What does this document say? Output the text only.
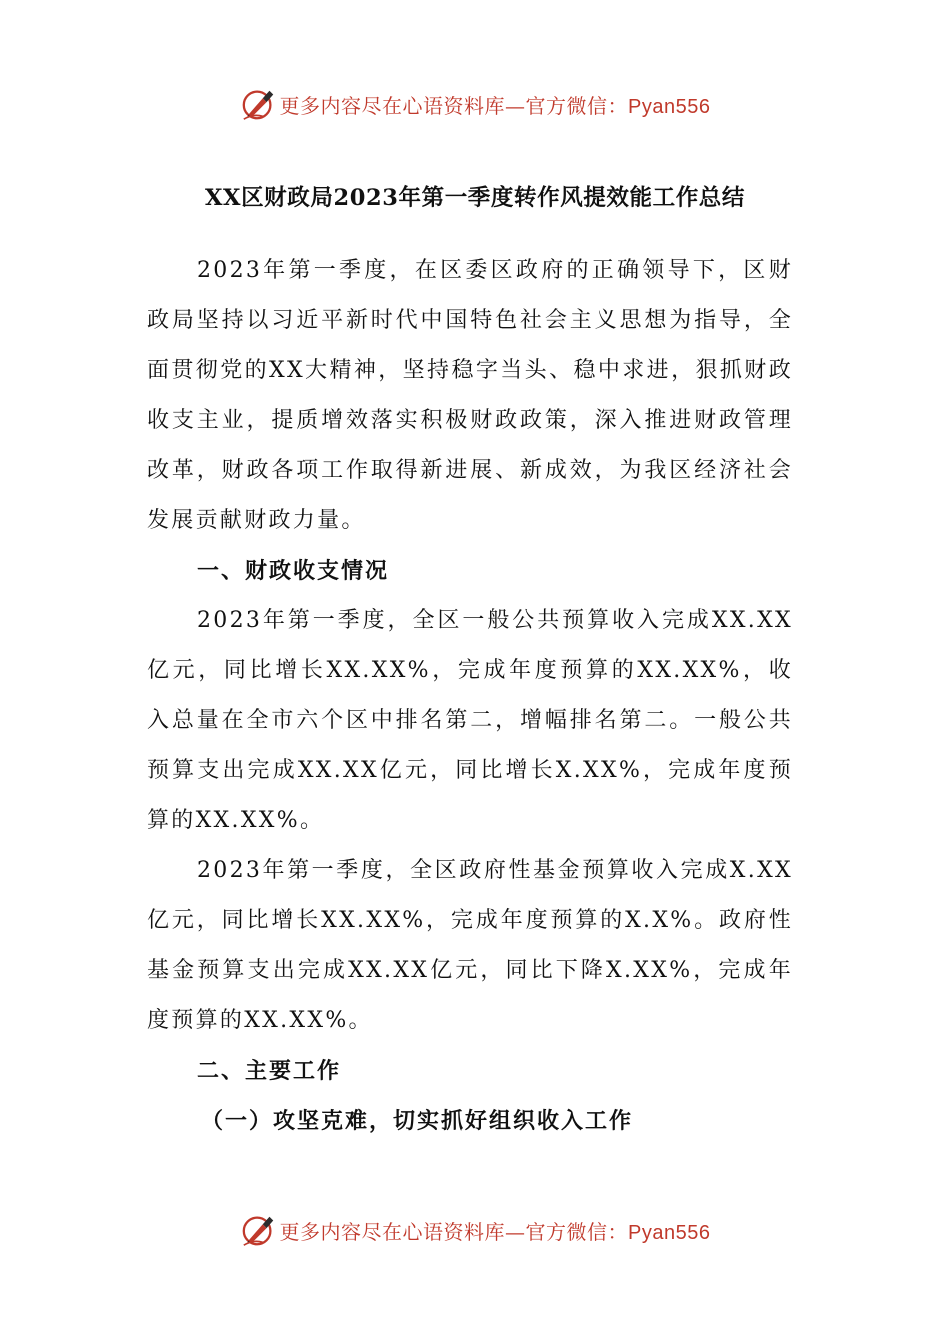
更多内容尽在心语资料库—官方微信：Pyan556
XX区财政局2023年第一季度转作风提效能工作总结

2023年第一季度，在区委区政府的正确领导下，区财政局坚持以习近平新时代中国特色社会主义思想为指导，全面贯彻党的XX大精神，坚持稳字当头、稳中求进，狠抓财政收支主业，提质增效落实积极财政政策，深入推进财政管理改革，财政各项工作取得新进展、新成效，为我区经济社会发展贡献财政力量。

一、财政收支情况

2023年第一季度，全区一般公共预算收入完成XX.XX亿元，同比增长XX.XX%，完成年度预算的XX.XX%，收入总量在全市六个区中排名第二，增幅排名第二。一般公共预算支出完成XX.XX亿元，同比增长X.XX%，完成年度预算的XX.XX%。

2023年第一季度，全区政府性基金预算收入完成X.XX亿元，同比增长XX.XX%，完成年度预算的X.X%。政府性基金预算支出完成XX.XX亿元，同比下降X.XX%，完成年度预算的XX.XX%。

二、主要工作
（一）攻坚克难，切实抓好组织收入工作
更多内容尽在心语资料库—官方微信：Pyan556
